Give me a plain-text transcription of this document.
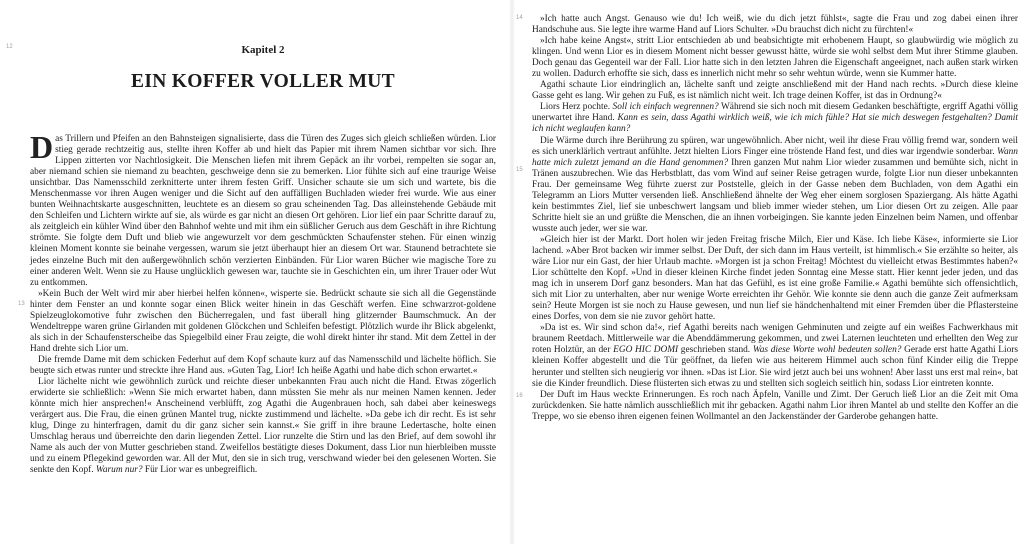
12
13
Kapitel 2
EIN KOFFER VOLLER MUT

Das Trillern und Pfeifen an den Bahnsteigen signalisierte, dass die Türen des Zuges sich gleich schließen würden. Lior stieg gerade rechtzeitig aus, stellte ihren Koffer ab und hielt das Papier mit ihrem Namen sichtbar vor sich. Ihre Lippen zitterten vor Nachtlosigkeit. Die Menschen liefen mit ihrem Gepäck an ihr vorbei, rempelten sie sogar an, aber niemand schien sie niemand zu beachten, geschweige denn sie zu bemerken. Lior fühlte sich auf eine traurige Weise unsichtbar. Das Namensschild zerknitterte unter ihrem festen Griff. Unsicher schaute sie um sich und wartete, bis die Menschenmasse vor ihren Augen weniger und die Sicht auf den auffälligen Buchladen wieder frei wurde. Wie aus einer bunten Weihnachtskarte ausgeschnitten, leuchtete es an diesem so grau scheinenden Tag. Das alleinstehende Gebäude mit den Schleifen und Lichtern wirkte auf sie, als würde es gar nicht an diesen Ort gehören. Lior lief ein paar Schritte darauf zu, als zeitgleich ein kühler Wind über den Bahnhof wehte und mit ihm ein süßlicher Geruch aus dem Geschäft in ihre Richtung strömte. Sie folgte dem Duft und blieb wie angewurzelt vor dem geschmückten Schaufenster stehen. Für einen winzig kleinen Moment konnte sie beinahe vergessen, warum sie jetzt überhaupt hier an diesem Ort war. Staunend betrachtete sie jedes einzelne Buch mit den außergewöhnlich schön verzierten Einbänden. Für Lior waren Bücher wie magische Tore zu einer anderen Welt. Wenn sie zu Hause unglücklich gewesen war, tauchte sie in Geschichten ein, um ihrer Trauer oder Wut zu entkommen.

»Kein Buch der Welt wird mir aber hierbei helfen können«, wisperte sie. Bedrückt schaute sie sich all die Gegenstände hinter dem Fenster an und konnte sogar einen Blick weiter hinein in das Geschäft werfen. Eine schwarzrot-goldene Spielzeuglokomotive fuhr zwischen den Bücherregalen, und fast überall hing glitzernder Baumschmuck. An der Wendeltreppe waren grüne Girlanden mit goldenen Glöckchen und Schleifen befestigt. Plötzlich wurde ihr Blick abgelenkt, als sich in der Schaufensterscheibe das Spiegelbild einer Frau zeigte, die wohl direkt hinter ihr stand. Mit dem Zettel in der Hand drehte sich Lior um.

Die fremde Dame mit dem schicken Federhut auf dem Kopf schaute kurz auf das Namensschild und lächelte höflich. Sie beugte sich etwas runter und streckte ihre Hand aus. »Guten Tag, Lior! Ich heiße Agathi und habe dich schon erwartet.«

Lior lächelte nicht wie gewöhnlich zurück und reichte dieser unbekannten Frau auch nicht die Hand. Etwas zögerlich erwiderte sie schließlich: »Wenn Sie mich erwartet haben, dann müssten Sie mehr als nur meinen Namen kennen. Jeder könnte mich hier ansprechen!« Anscheinend verblüfft, zog Agathi die Augenbrauen hoch, sah dabei aber keineswegs verärgert aus. Die Frau, die einen grünen Mantel trug, nickte zustimmend und lächelte. »Da gebe ich dir recht. Es ist sehr klug, Dinge zu hinterfragen, damit du dir ganz sicher sein kannst.« Sie griff in ihre braune Ledertasche, holte einen Umschlag heraus und überreichte den darin liegenden Zettel. Lior runzelte die Stirn und las den Brief, auf dem sowohl ihr Name als auch der von Mutter geschrieben stand. Zweifellos bestätigte dieses Dokument, dass Lior nun hierbleiben musste und zu einem Pflegekind geworden war. All der Mut, den sie in sich trug, verschwand wieder bei den gelesenen Worten. Sie senkte den Kopf. Warum nur? Für Lior war es unbegreiflich.

14
15
16

»Ich hatte auch Angst. Genauso wie du! Ich weiß, wie du dich jetzt fühlst«, sagte die Frau und zog dabei einen ihrer Handschuhe aus. Sie legte ihre warme Hand auf Liors Schulter. »Du brauchst dich nicht zu fürchten!«

»Ich habe keine Angst«, stritt Lior entschieden ab und beabsichtigte mit erhobenem Haupt, so glaubwürdig wie möglich zu klingen. Und wenn Lior es in diesem Moment nicht besser gewusst hätte, würde sie wohl selbst dem Mut ihrer Stimme glauben. Doch genau das Gegenteil war der Fall. Lior hatte sich in den letzten Jahren die Eigenschaft angeeignet, nach außen stark wirken zu wollen. Dadurch erhoffte sie sich, dass es innerlich nicht mehr so sehr wehtun würde, wenn sie Kummer hatte.

Agathi schaute Lior eindringlich an, lächelte sanft und zeigte anschließend mit der Hand nach rechts. »Durch diese kleine Gasse geht es lang. Wir gehen zu Fuß, es ist nämlich nicht weit. Ich trage deinen Koffer, ist das in Ordnung?«

Liors Herz pochte. Soll ich einfach wegrennen? Während sie sich noch mit diesem Gedanken beschäftigte, ergriff Agathi völlig unerwartet ihre Hand. Kann es sein, dass Agathi wirklich weiß, wie ich mich fühle? Hat sie mich deswegen festgehalten? Damit ich nicht weglaufen kann?

Die Wärme durch ihre Berührung zu spüren, war ungewöhnlich. Aber nicht, weil ihr diese Frau völlig fremd war, sondern weil es sich unerklärlich vertraut anfühlte. Jetzt hielten Liors Finger eine tröstende Hand fest, und dies war irgendwie sonderbar. Wann hatte mich zuletzt jemand an die Hand genommen? Ihren ganzen Mut nahm Lior wieder zusammen und bemühte sich, nicht in Tränen auszubrechen. Wie das Herbstblatt, das vom Wind auf seiner Reise getragen wurde, folgte Lior nun dieser unbekannten Frau. Der gemeinsame Weg führte zuerst zur Poststelle, gleich in der Gasse neben dem Buchladen, von dem Agathi ein Telegramm an Liors Mutter versenden ließ. Anschließend ähnelte der Weg eher einem sorglosen Spaziergang. Als hätte Agathi kein bestimmtes Ziel, lief sie unbeschwert langsam und blieb immer wieder stehen, um Lior diesen Ort zu zeigen. Alle paar Schritte hielt sie an und grüßte die Menschen, die an ihnen vorbeigingen. Sie kannte jeden Einzelnen beim Namen, und offenbar wusste auch jeder, wer sie war.

»Gleich hier ist der Markt. Dort holen wir jeden Freitag frische Milch, Eier und Käse. Ich liebe Käse«, informierte sie Lior lachend. »Aber Brot backen wir immer selbst. Der Duft, der sich dann im Haus verteilt, ist himmlisch.« Sie erzählte so heiter, als wäre Lior nur ein Gast, der hier Urlaub machte. »Morgen ist ja schon Freitag! Möchtest du vielleicht etwas Bestimmtes haben?« Lior schüttelte den Kopf. »Und in dieser kleinen Kirche findet jeden Sonntag eine Messe statt. Hier kennt jeder jeden, und das mag ich in unserem Dorf ganz besonders. Man hat das Gefühl, es ist eine große Familie.« Agathi bemühte sich offensichtlich, sich mit Lior zu unterhalten, aber nur wenige Worte erreichten ihr Gehör. Wie konnte sie denn auch die ganze Zeit aufmerksam sein? Heute Morgen ist sie noch zu Hause gewesen, und nun lief sie händchenhaltend mit einer Fremden über die Pflastersteine eines Dorfes, von dem sie nie zuvor gehört hatte.

»Da ist es. Wir sind schon da!«, rief Agathi bereits nach wenigen Gehminuten und zeigte auf ein weißes Fachwerkhaus mit braunem Reetdach. Mittlerweile war die Abenddämmerung gekommen, und zwei Laternen leuchteten und erhellten den Weg zur roten Holztür, an der EGO HIC DOMI geschrieben stand. Was diese Worte wohl bedeuten sollen? Gerade erst hatte Agathi Liors kleinen Koffer abgestellt und die Tür geöffnet, da liefen wie aus heiterem Himmel auch schon fünf Kinder eilig die Treppe herunter und stellten sich neugierig vor ihnen. »Das ist Lior. Sie wird jetzt auch bei uns wohnen! Aber lasst uns erst mal rein«, bat sie die Kinder freundlich. Diese flüsterten sich etwas zu und stellten sich sogleich seitlich hin, sodass Lior eintreten konnte.

Der Duft im Haus weckte Erinnerungen. Es roch nach Äpfeln, Vanille und Zimt. Der Geruch ließ Lior an die Zeit mit Oma zurückdenken. Sie hatte nämlich ausschließlich mit ihr gebacken. Agathi nahm Lior ihren Mantel ab und stellte den Koffer an die Treppe, wo sie ebenso ihren eigenen feinen Wollmantel an den Jackenständer der Garderobe gehangen hatte.
